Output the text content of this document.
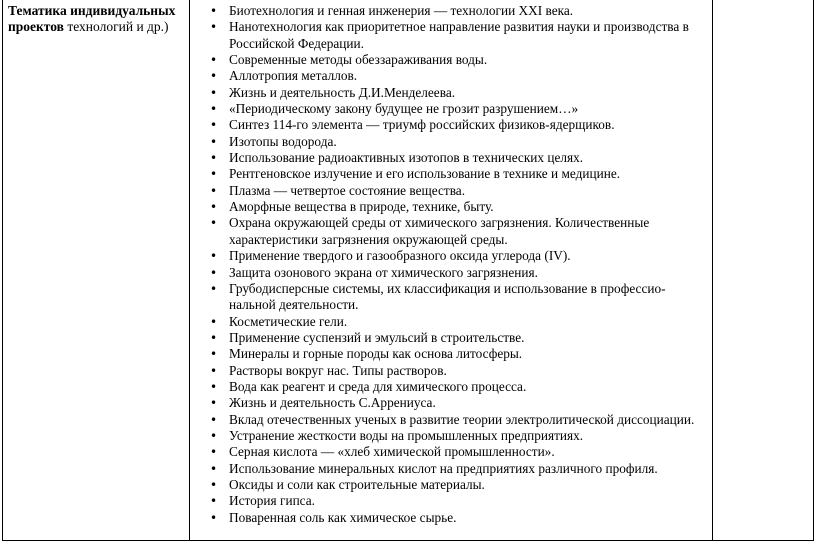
Тематика индивидуальных проектов технологий и др.)

• Биотехнология и генная инженерия — технологии XXI века.
• Нанотехнология как приоритетное направление развития науки и производства в Российской Федерации.
• Современные методы обеззараживания воды.
• Аллотропия металлов.
• Жизнь и деятельность Д.И.Менделеева.
• «Периодическому закону будущее не грозит разрушением…»
• Синтез 114-го элемента — триумф российских физиков-ядерщиков.
• Изотопы водорода.
• Использование радиоактивных изотопов в технических целях.
• Рентгеновское излучение и его использование в технике и медицине.
• Плазма — четвертое состояние вещества.
• Аморфные вещества в природе, технике, быту.
• Охрана окружающей среды от химического загрязнения. Количественные характеристики загрязнения окружающей среды.
• Применение твердого и газообразного оксида углерода (IV).
• Защита озонового экрана от химического загрязнения.
• Грубодисперсные системы, их классификация и использование в профессио-нальной деятельности.
• Косметические гели.
• Применение суспензий и эмульсий в строительстве.
• Минералы и горные породы как основа литосферы.
• Растворы вокруг нас. Типы растворов.
• Вода как реагент и среда для химического процесса.
• Жизнь и деятельность С.Аррениуса.
• Вклад отечественных ученых в развитие теории электролитической диссоциации.
• Устранение жесткости воды на промышленных предприятиях.
• Серная кислота — «хлеб химической промышленности».
• Использование минеральных кислот на предприятиях различного профиля.
• Оксиды и соли как строительные материалы.
• История гипса.
• Поваренная соль как химическое сырье.
